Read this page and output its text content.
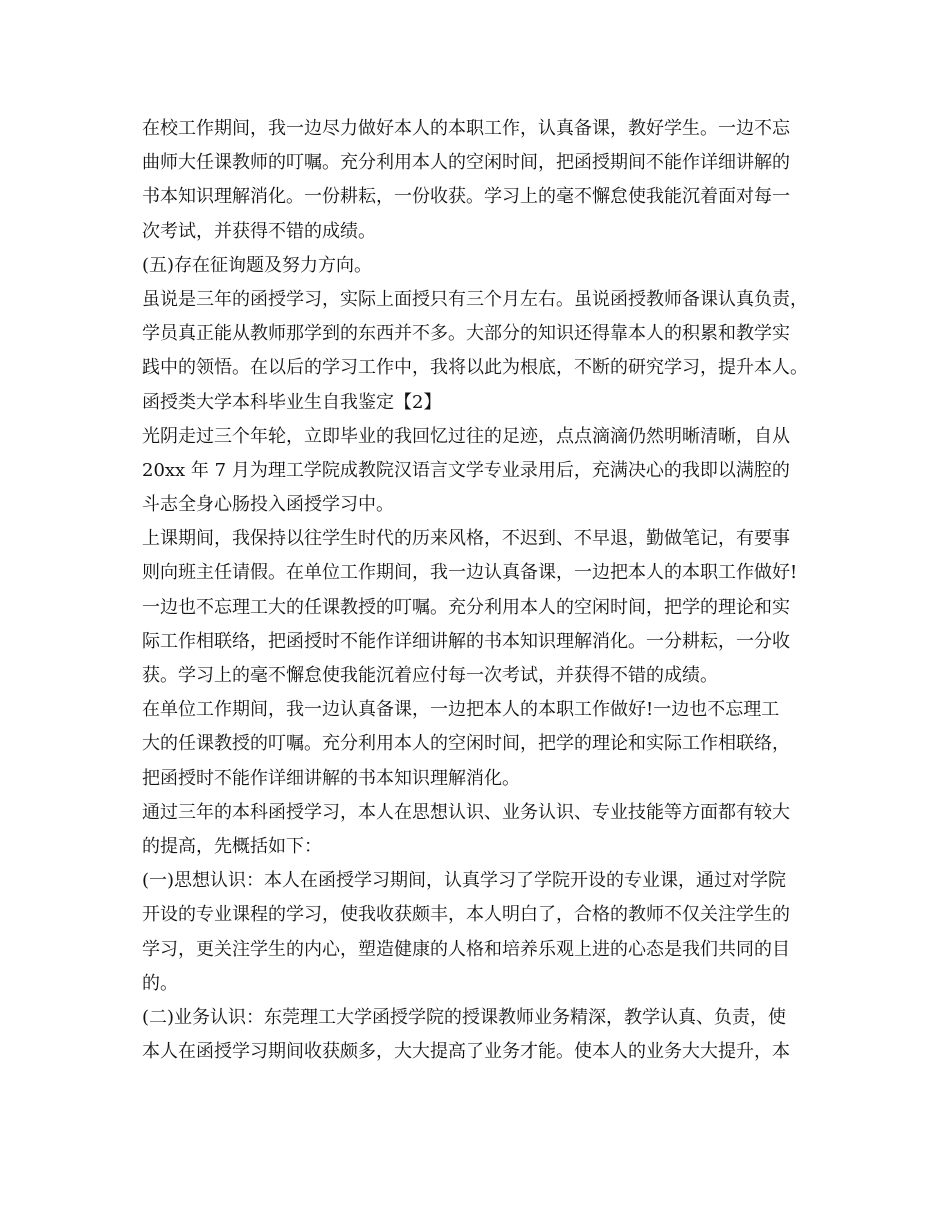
在校工作期间，我一边尽力做好本人的本职工作，认真备课，教好学生。一边不忘
曲师大任课教师的叮嘱。充分利用本人的空闲时间，把函授期间不能作详细讲解的
书本知识理解消化。一份耕耘，一份收获。学习上的毫不懈怠使我能沉着面对每一
次考试，并获得不错的成绩。
(五)存在征询题及努力方向。
虽说是三年的函授学习，实际上面授只有三个月左右。虽说函授教师备课认真负责，
学员真正能从教师那学到的东西并不多。大部分的知识还得靠本人的积累和教学实
践中的领悟。在以后的学习工作中，我将以此为根底，不断的研究学习，提升本人。
函授类大学本科毕业生自我鉴定【2】
光阴走过三个年轮，立即毕业的我回忆过往的足迹，点点滴滴仍然明晰清晰，自从
20xx 年 7 月为理工学院成教院汉语言文学专业录用后，充满决心的我即以满腔的
斗志全身心肠投入函授学习中。
上课期间，我保持以往学生时代的历来风格，不迟到、不早退，勤做笔记，有要事
则向班主任请假。在单位工作期间，我一边认真备课，一边把本人的本职工作做好!
一边也不忘理工大的任课教授的叮嘱。充分利用本人的空闲时间，把学的理论和实
际工作相联络，把函授时不能作详细讲解的书本知识理解消化。一分耕耘，一分收
获。学习上的毫不懈怠使我能沉着应付每一次考试，并获得不错的成绩。
在单位工作期间，我一边认真备课，一边把本人的本职工作做好!一边也不忘理工
大的任课教授的叮嘱。充分利用本人的空闲时间，把学的理论和实际工作相联络，
把函授时不能作详细讲解的书本知识理解消化。
通过三年的本科函授学习，本人在思想认识、业务认识、专业技能等方面都有较大
的提高，先概括如下：
(一)思想认识：本人在函授学习期间，认真学习了学院开设的专业课，通过对学院
开设的专业课程的学习，使我收获颇丰，本人明白了，合格的教师不仅关注学生的
学习，更关注学生的内心，塑造健康的人格和培养乐观上进的心态是我们共同的目
的。
(二)业务认识：东莞理工大学函授学院的授课教师业务精深，教学认真、负责，使
本人在函授学习期间收获颇多，大大提高了业务才能。使本人的业务大大提升，本
